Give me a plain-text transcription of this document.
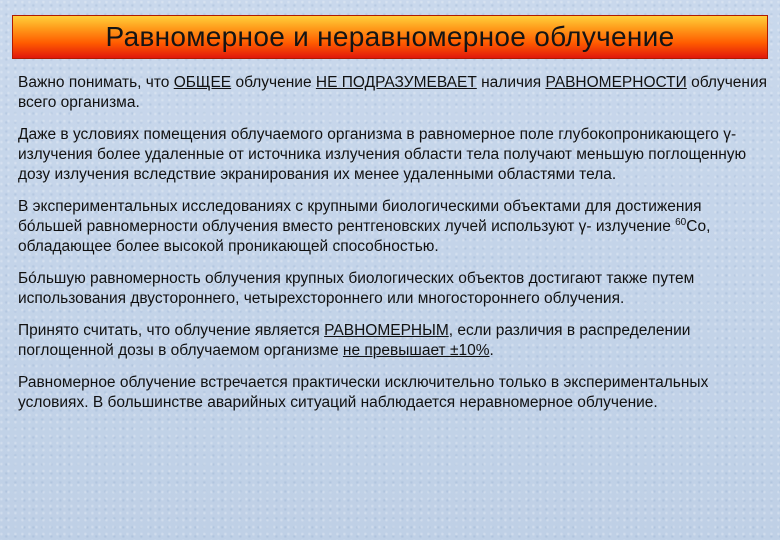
Равномерное и неравномерное облучение

Важно понимать, что ОБЩЕЕ облучение НЕ ПОДРАЗУМЕВАЕТ наличия РАВНОМЕРНОСТИ облучения всего организма.

Даже в условиях помещения облучаемого организма в равномерное поле глубокопроникающего γ-излучения более удаленные от источника излучения области тела получают меньшую поглощенную дозу излучения вследствие экранирования их менее удаленными областями тела.

В экспериментальных исследованиях с крупными биологическими объектами для достижения бóльшей равномерности облучения вместо рентгеновских лучей используют γ- излучение $^{60}$Co, обладающее более высокой проникающей способностью.

Бóльшую равномерность облучения крупных биологических объектов достигают также путем использования двустороннего, четырехстороннего или многостороннего облучения.

Принято считать, что облучение является РАВНОМЕРНЫМ, если различия в распределении поглощенной дозы в облучаемом организме не превышает ±10%.

Равномерное облучение встречается практически исключительно только в экспериментальных условиях. В большинстве аварийных ситуаций наблюдается неравномерное облучение.
